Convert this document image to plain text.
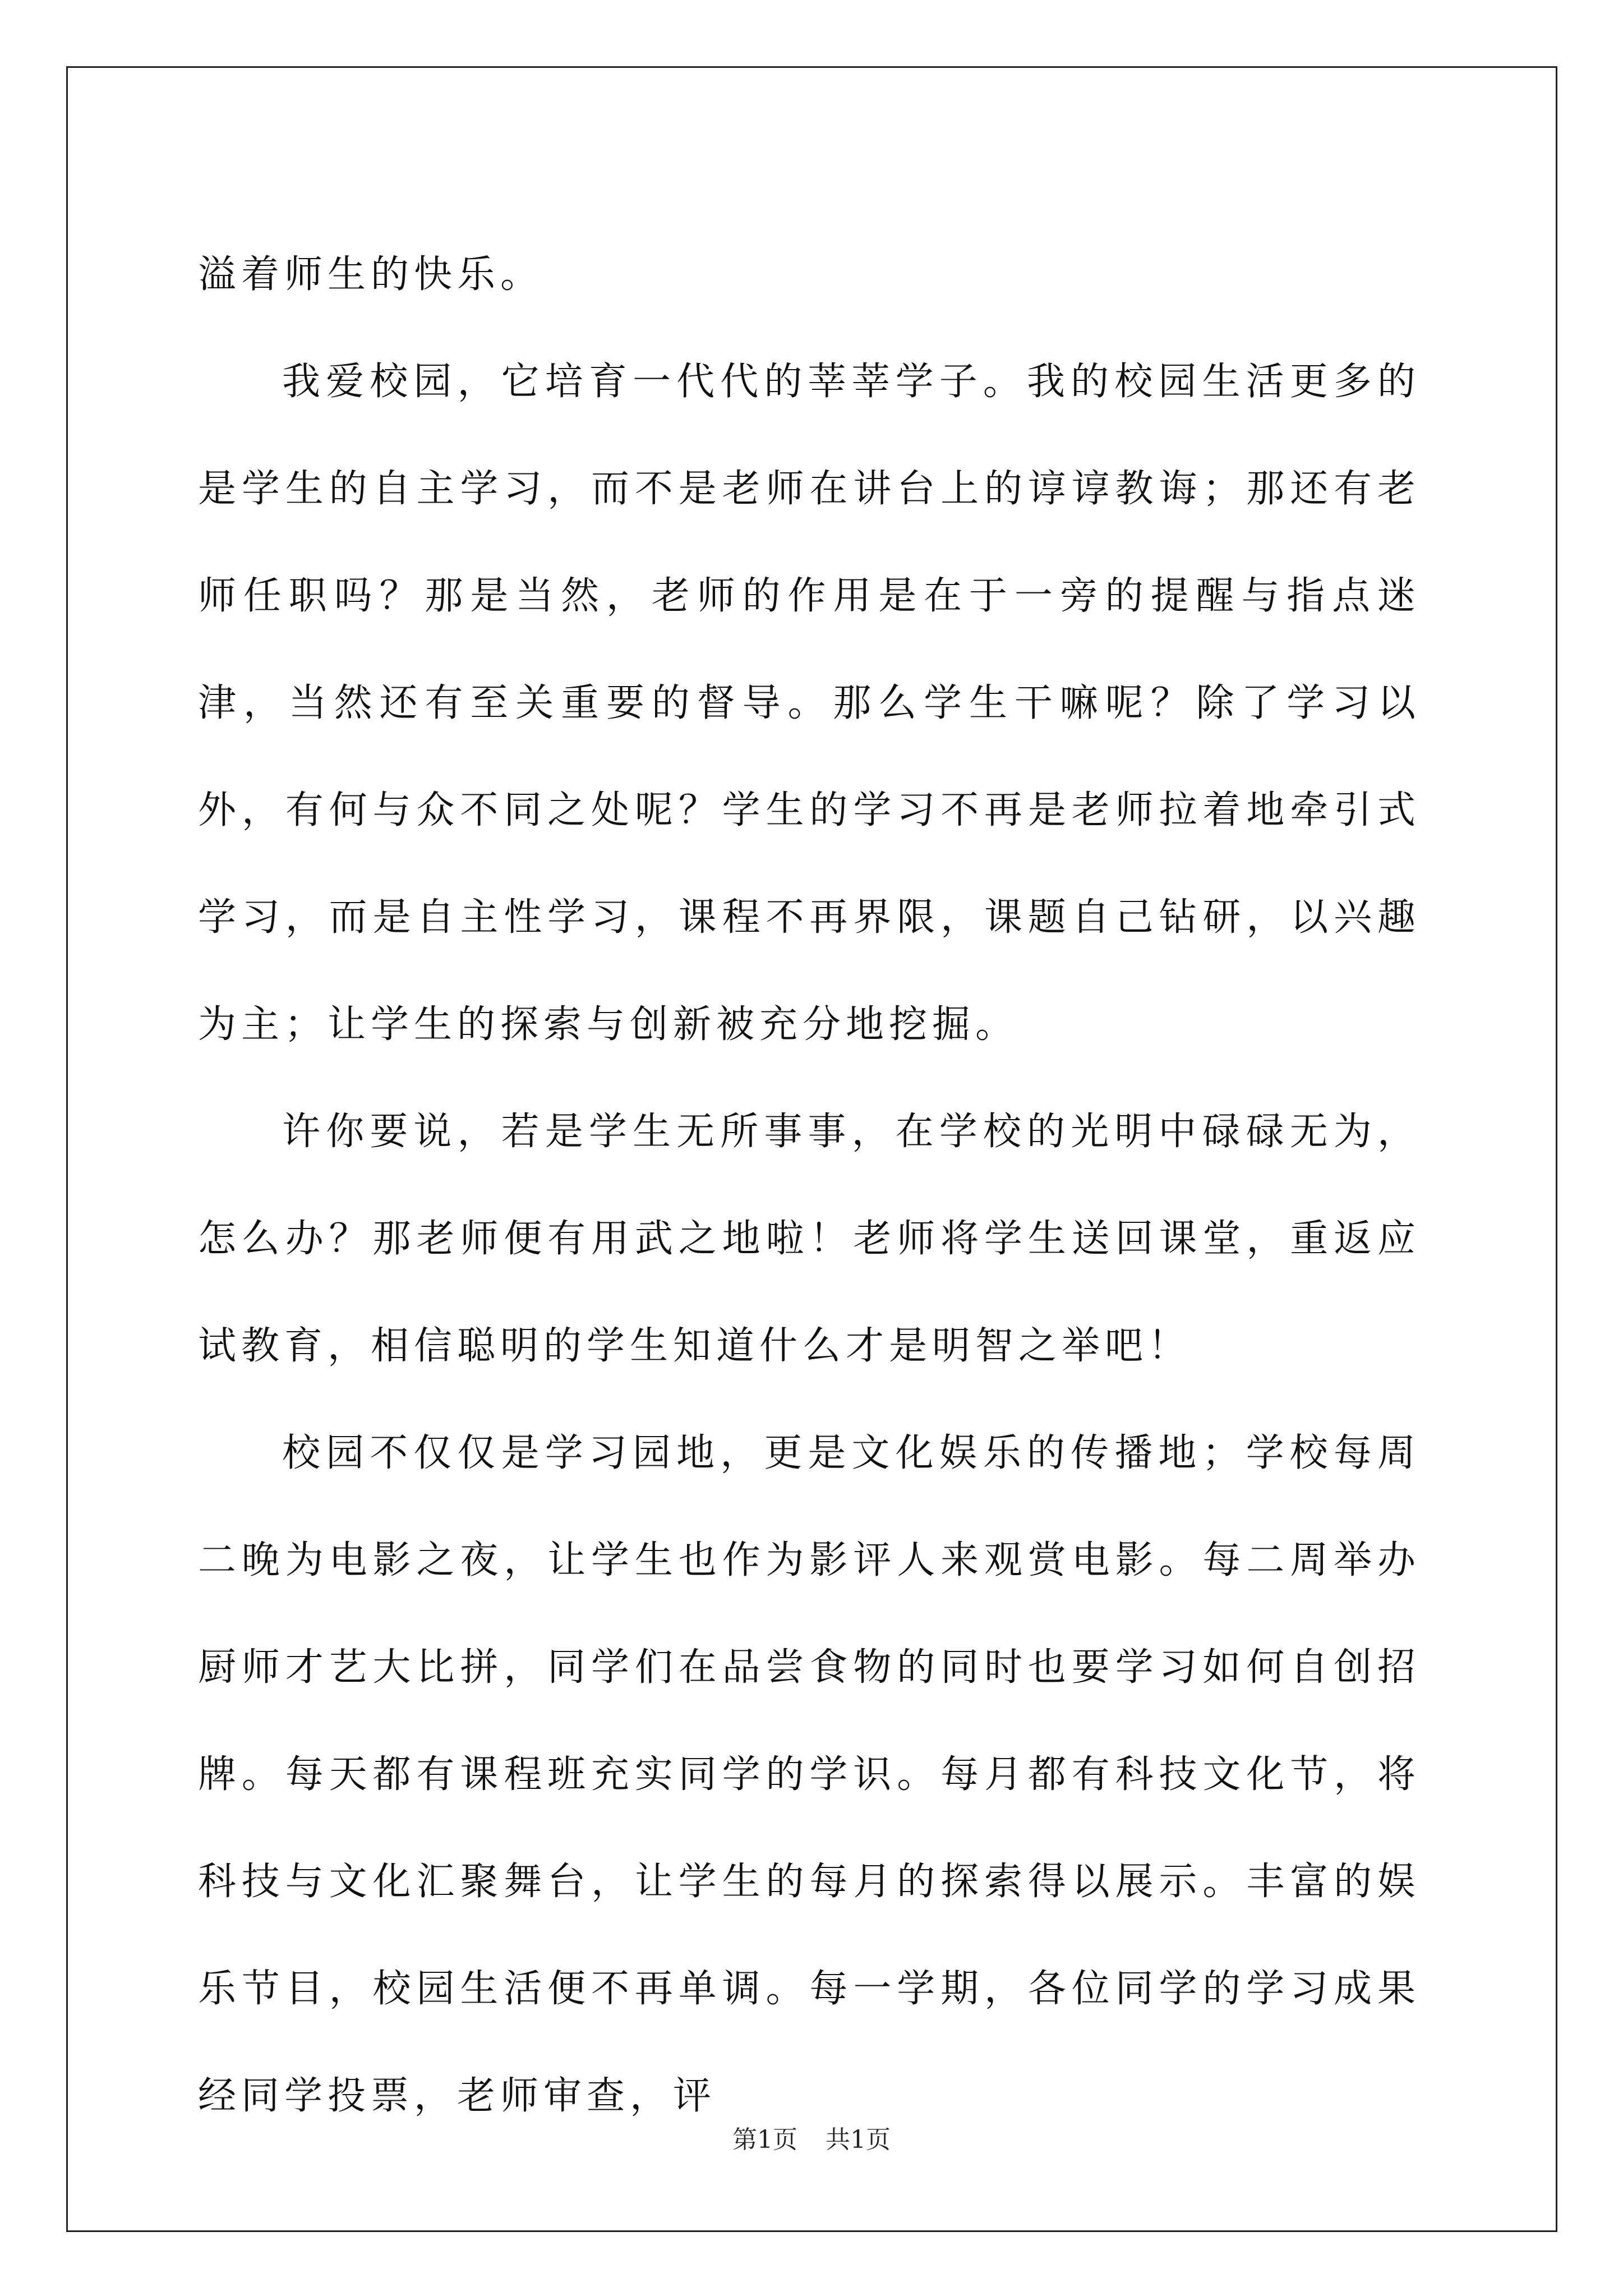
溢着师生的快乐。

我爱校园，它培育一代代的莘莘学子。我的校园生活更多的是学生的自主学习，而不是老师在讲台上的谆谆教诲；那还有老师任职吗？那是当然，老师的作用是在于一旁的提醒与指点迷津，当然还有至关重要的督导。那么学生干嘛呢？除了学习以外，有何与众不同之处呢？学生的学习不再是老师拉着地牵引式学习，而是自主性学习，课程不再界限，课题自己钻研，以兴趣为主；让学生的探索与创新被充分地挖掘。

许你要说，若是学生无所事事，在学校的光明中碌碌无为，怎么办？那老师便有用武之地啦！老师将学生送回课堂，重返应试教育，相信聪明的学生知道什么才是明智之举吧！

校园不仅仅是学习园地，更是文化娱乐的传播地；学校每周二晚为电影之夜，让学生也作为影评人来观赏电影。每二周举办厨师才艺大比拼，同学们在品尝食物的同时也要学习如何自创招牌。每天都有课程班充实同学的学识。每月都有科技文化节，将科技与文化汇聚舞台，让学生的每月的探索得以展示。丰富的娱乐节目，校园生活便不再单调。每一学期，各位同学的学习成果经同学投票，老师审查，评

第1页 共1页
